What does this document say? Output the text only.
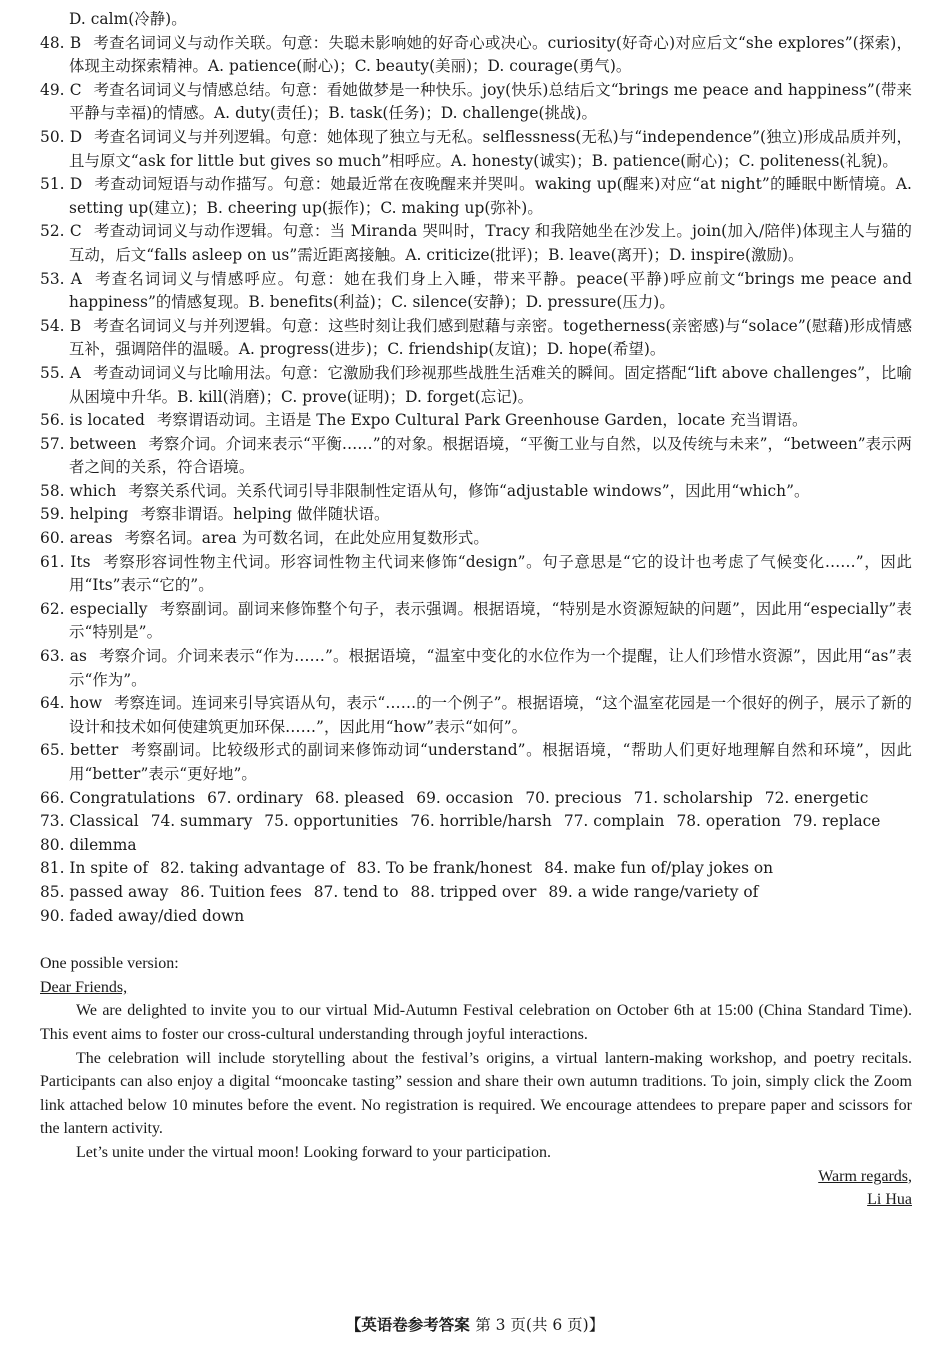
D. calm(冷静)。
48. B 考查名词词义与动作关联。句意：失聪未影响她的好奇心或决心。curiosity(好奇心)对应后文“she explores”(探索)，体现主动探索精神。A. patience(耐心)；C. beauty(美丽)；D. courage(勇气)。
49. C 考查名词词义与情感总结。句意：看她做梦是一种快乐。joy(快乐)总结后文“brings me peace and happiness”(带来平静与幸福)的情感。A. duty(责任)；B. task(任务)；D. challenge(挑战)。
50. D 考查名词词义与并列逻辑。句意：她体现了独立与无私。selflessness(无私)与“independence”(独立)形成品质并列，且与原文“ask for little but gives so much”相呼应。A. honesty(诚实)；B. patience(耐心)；C. politeness(礼貌)。
51. D 考查动词短语与动作描写。句意：她最近常在夜晚醒来并哭叫。waking up(醒来)对应“at night”的睡眠中断情境。A. setting up(建立)；B. cheering up(振作)；C. making up(弥补)。
52. C 考查动词词义与动作逻辑。句意：当 Miranda 哭叫时，Tracy 和我陪她坐在沙发上。join(加入/陪伴)体现主人与猫的互动，后文“falls asleep on us”需近距离接触。A. criticize(批评)；B. leave(离开)；D. inspire(激励)。
53. A 考查名词词义与情感呼应。句意：她在我们身上入睡，带来平静。peace(平静)呼应前文“brings me peace and happiness”的情感复现。B. benefits(利益)；C. silence(安静)；D. pressure(压力)。
54. B 考查名词词义与并列逻辑。句意：这些时刻让我们感到慰藉与亲密。togetherness(亲密感)与“solace”(慰藉)形成情感互补，强调陪伴的温暖。A. progress(进步)；C. friendship(友谊)；D. hope(希望)。
55. A 考查动词词义与比喻用法。句意：它激励我们珍视那些战胜生活难关的瞬间。固定搭配“lift above challenges”，比喻从困境中升华。B. kill(消磨)；C. prove(证明)；D. forget(忘记)。
56. is located 考察谓语动词。主语是 The Expo Cultural Park Greenhouse Garden，locate 充当谓语。
57. between 考察介词。介词来表示“平衡……”的对象。根据语境，“平衡工业与自然，以及传统与未来”，“between”表示两者之间的关系，符合语境。
58. which 考察关系代词。关系代词引导非限制性定语从句，修饰“adjustable windows”，因此用“which”。
59. helping 考察非谓语。helping 做伴随状语。
60. areas 考察名词。area 为可数名词，在此处应用复数形式。
61. Its 考察形容词性物主代词。形容词性物主代词来修饰“design”。句子意思是“它的设计也考虑了气候变化……”，因此用“Its”表示“它的”。
62. especially 考察副词。副词来修饰整个句子，表示强调。根据语境，“特别是水资源短缺的问题”，因此用“especially”表示“特别是”。
63. as 考察介词。介词来表示“作为……”。根据语境，“温室中变化的水位作为一个提醒，让人们珍惜水资源”，因此用“as”表示“作为”。
64. how 考察连词。连词来引导宾语从句，表示“……的一个例子”。根据语境，“这个温室花园是一个很好的例子，展示了新的设计和技术如何使建筑更加环保……”，因此用“how”表示“如何”。
65. better 考察副词。比较级形式的副词来修饰动词“understand”。根据语境，“帮助人们更好地理解自然和环境”，因此用“better”表示“更好地”。
66. Congratulations 67. ordinary 68. pleased 69. occasion 70. precious 71. scholarship 72. energetic
73. Classical 74. summary 75. opportunities 76. horrible/harsh 77. complain 78. operation 79. replace
80. dilemma
81. In spite of 82. taking advantage of 83. To be frank/honest 84. make fun of/play jokes on
85. passed away 86. Tuition fees 87. tend to 88. tripped over 89. a wide range/variety of
90. faded away/died down
One possible version:
Dear Friends,
We are delighted to invite you to our virtual Mid-Autumn Festival celebration on October 6th at 15:00 (China Standard Time). This event aims to foster our cross-cultural understanding through joyful interactions.
The celebration will include storytelling about the festival’s origins, a virtual lantern-making workshop, and poetry recitals. Participants can also enjoy a digital “mooncake tasting” session and share their own autumn traditions. To join, simply click the Zoom link attached below 10 minutes before the event. No registration is required. We encourage attendees to prepare paper and scissors for the lantern activity.
Let’s unite under the virtual moon! Looking forward to your participation.
Warm regards,
Li Hua
【英语卷参考答案 第 3 页(共 6 页)】
